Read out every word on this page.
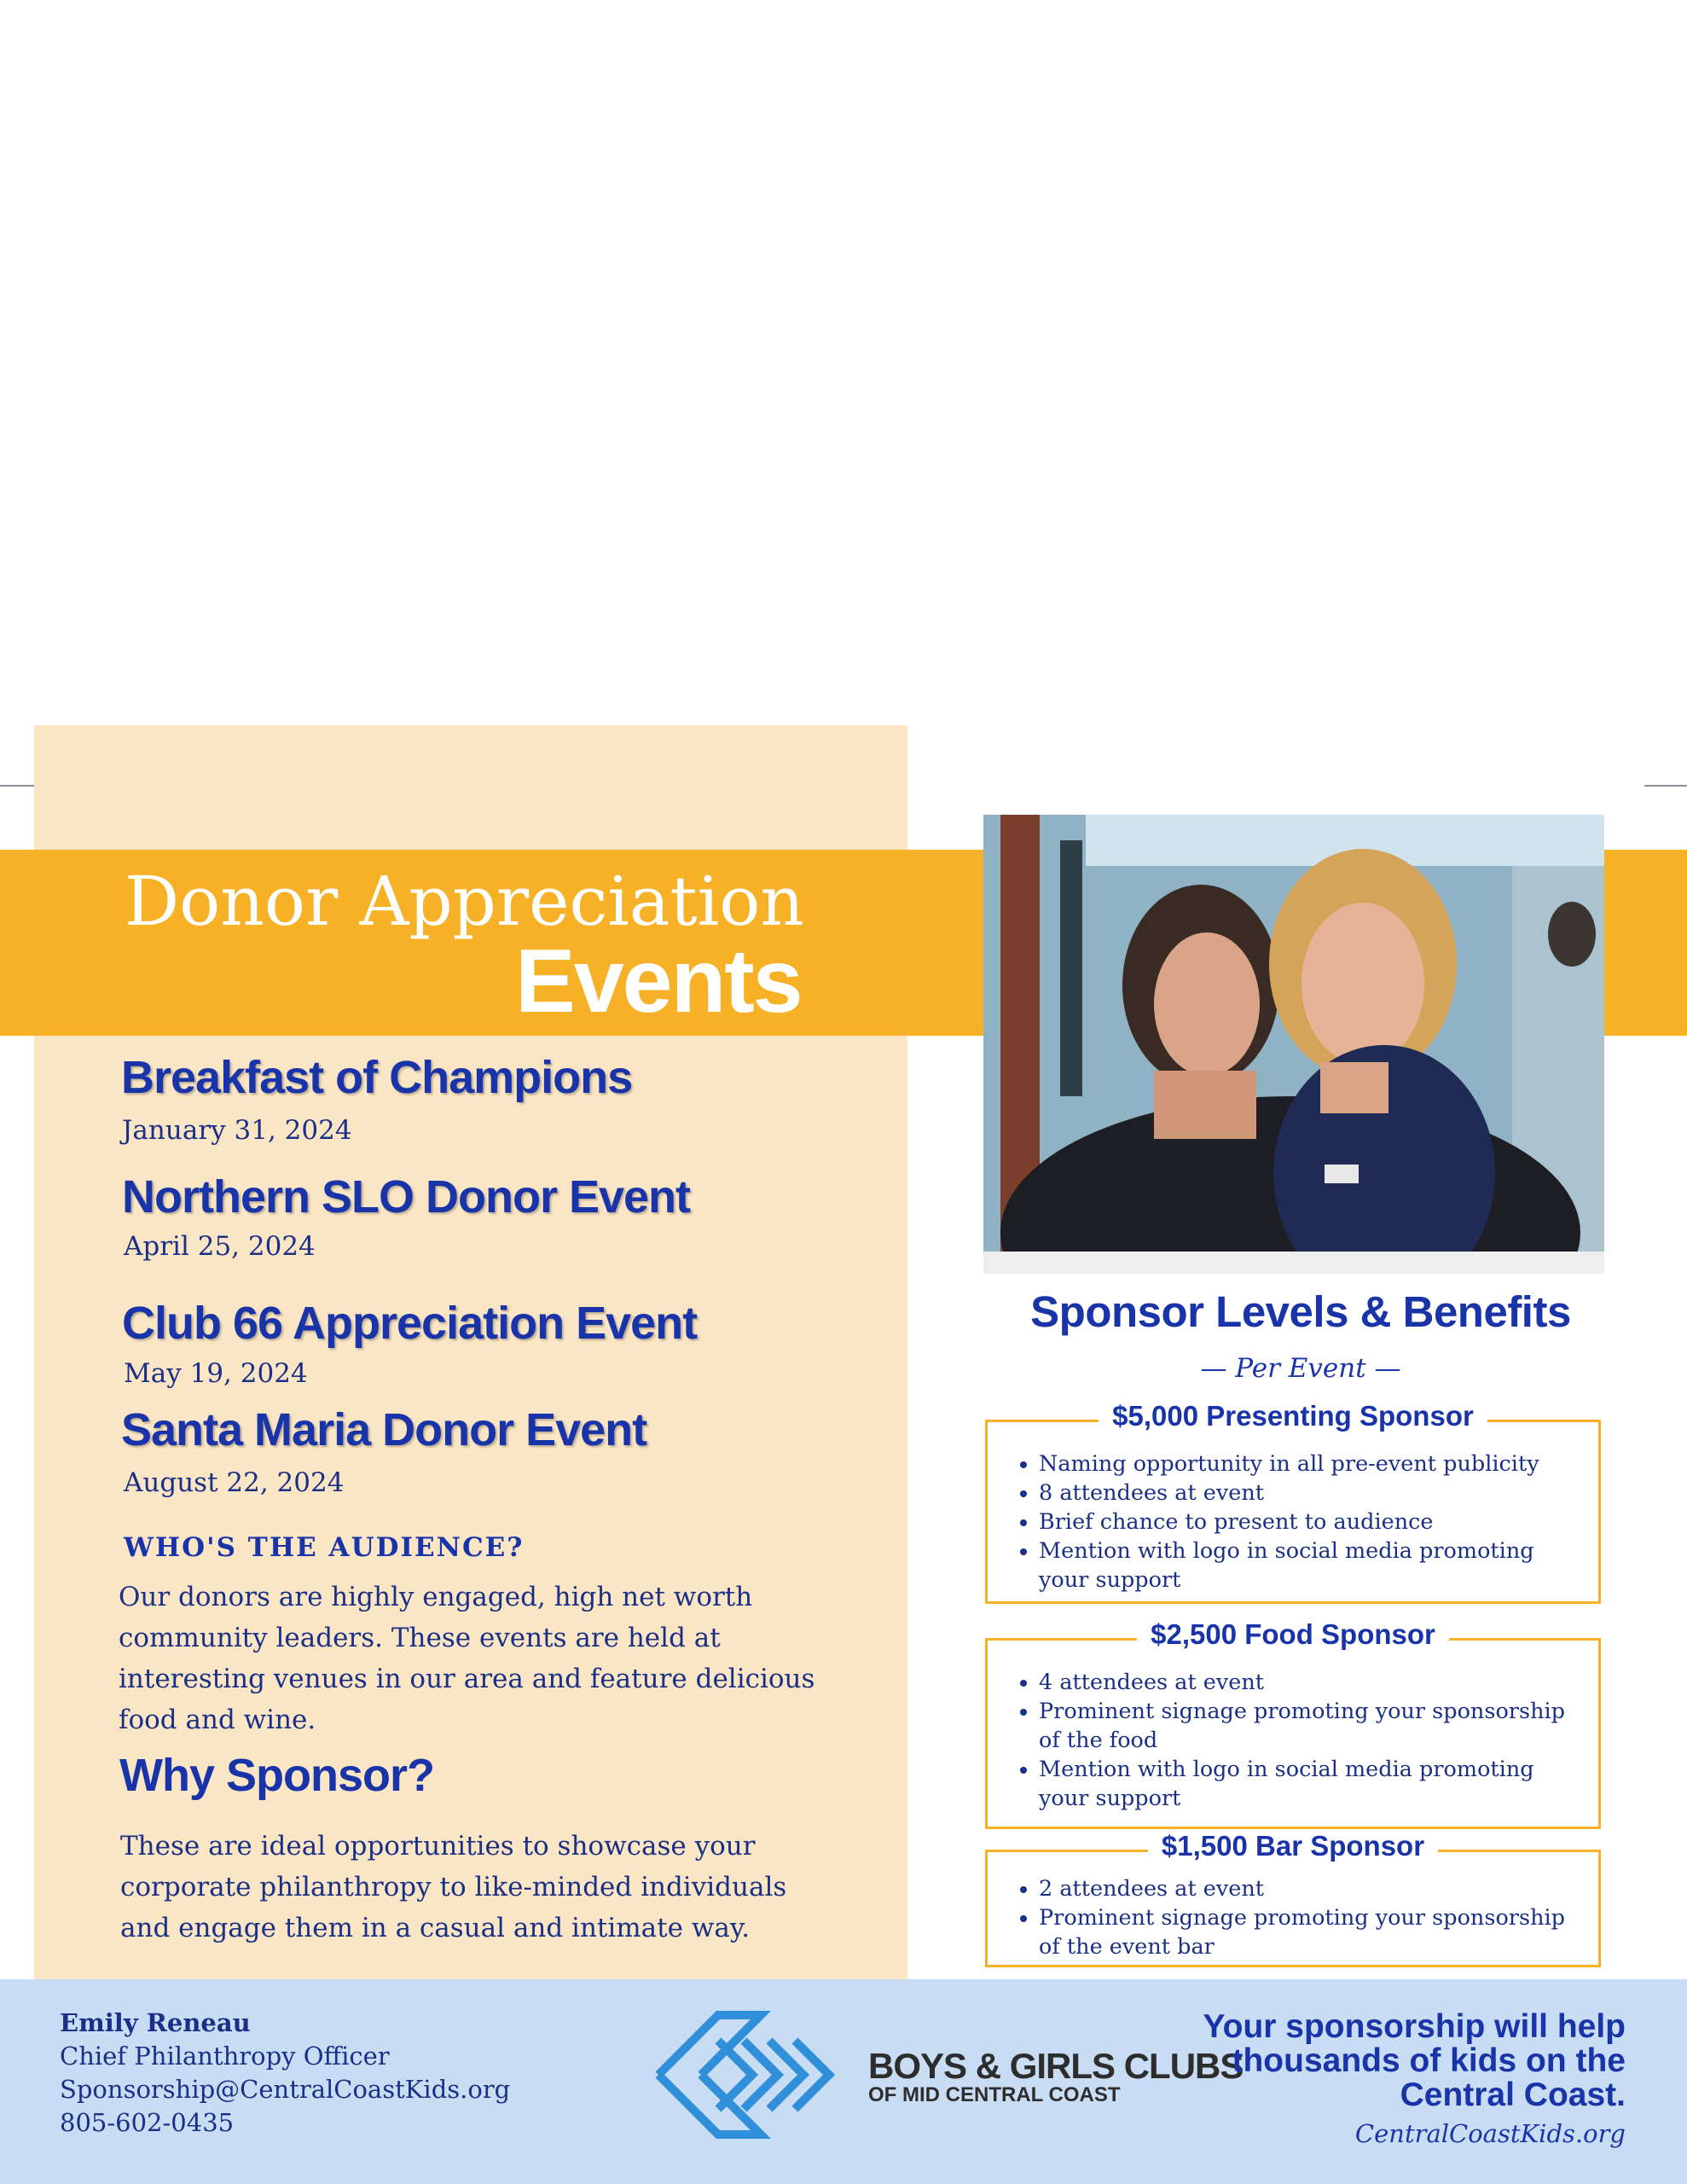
Donor Appreciation
Events
Breakfast of Champions
January 31, 2024
Northern SLO Donor Event
April 25, 2024
Club 66 Appreciation Event
May 19, 2024
Santa Maria Donor Event
August 22, 2024
WHO'S THE AUDIENCE?
Our donors are highly engaged, high net worth community leaders. These events are held at interesting venues in our area and feature delicious food and wine.
Why Sponsor?
These are ideal opportunities to showcase your corporate philanthropy to like-minded individuals and engage them in a casual and intimate way.
Sponsor Levels & Benefits
— Per Event —
$5,000 Presenting Sponsor
• Naming opportunity in all pre-event publicity
• 8 attendees at event
• Brief chance to present to audience
• Mention with logo in social media promoting your support
$2,500 Food Sponsor
• 4 attendees at event
• Prominent signage promoting your sponsorship of the food
• Mention with logo in social media promoting your support
$1,500 Bar Sponsor
• 2 attendees at event
• Prominent signage promoting your sponsorship of the event bar
Emily Reneau
Chief Philanthropy Officer
Sponsorship@CentralCoastKids.org
805-602-0435
BOYS & GIRLS CLUBS
OF MID CENTRAL COAST
Your sponsorship will help thousands of kids on the Central Coast.
CentralCoastKids.org
